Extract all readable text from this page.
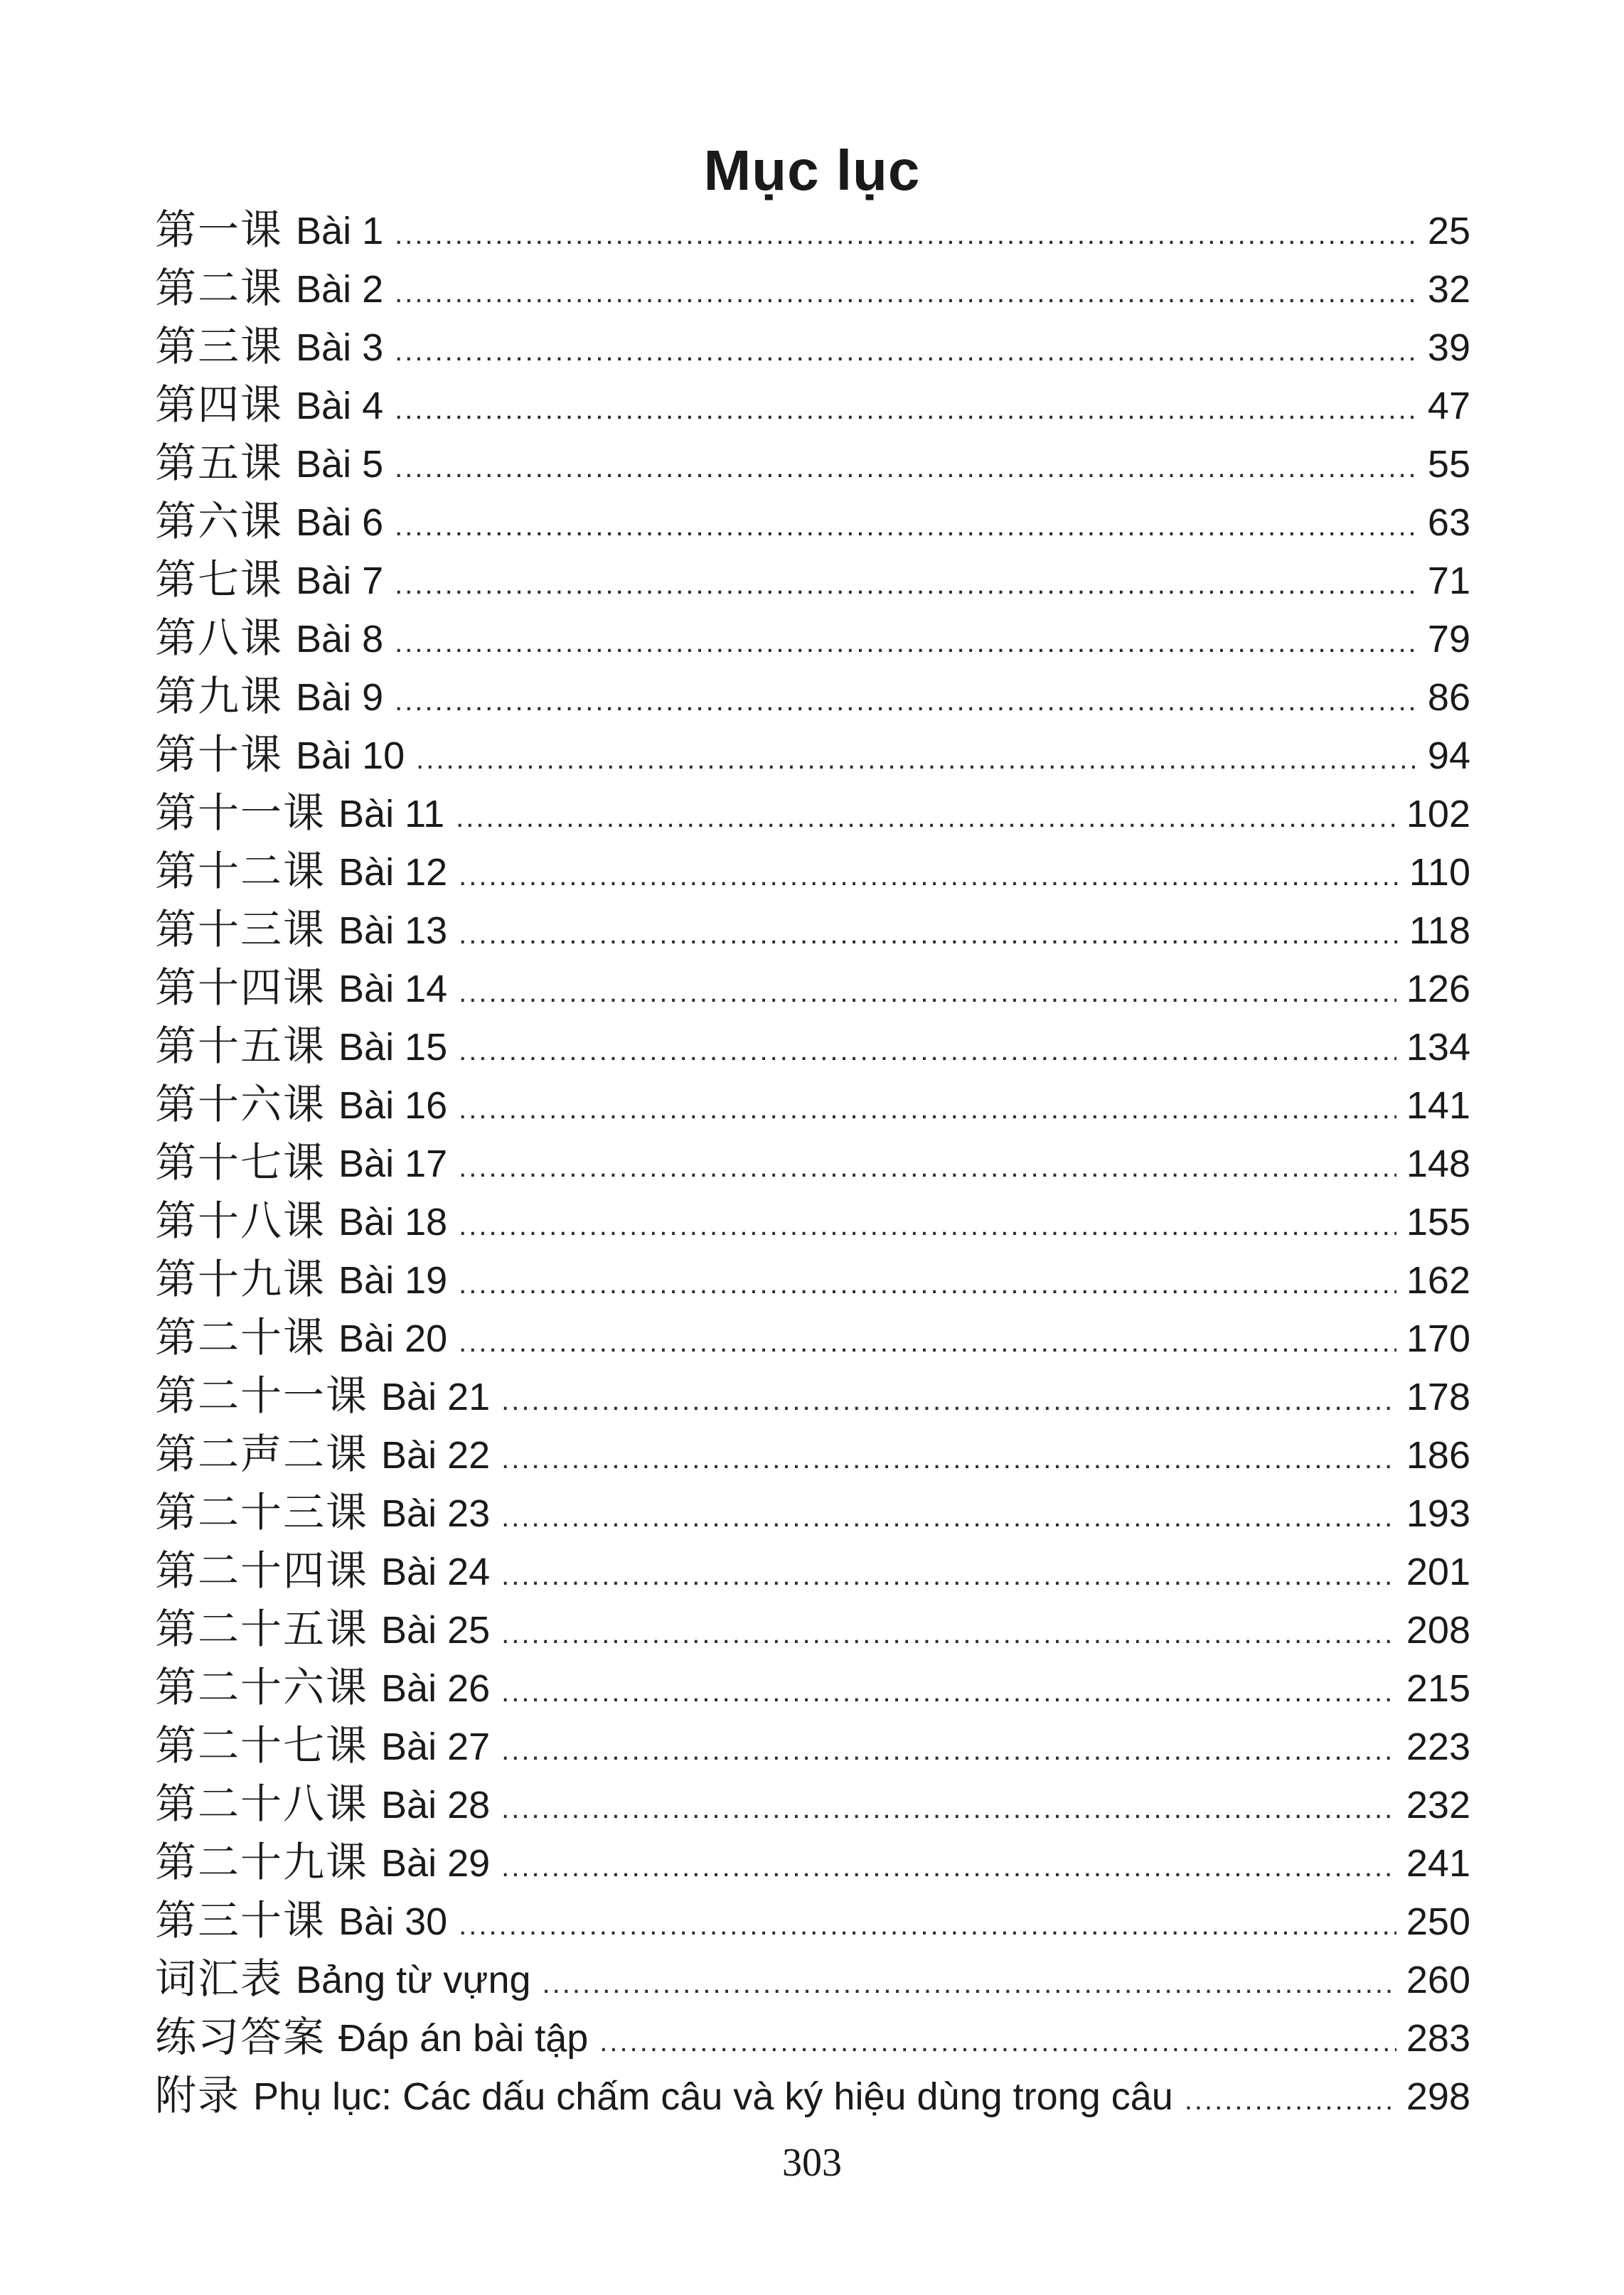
Mục lục
第一课 Bài 1 .....	25
第二课 Bài 2 .....	32
第三课 Bài 3 .....	39
第四课 Bài 4 .....	47
第五课 Bài 5 .....	55
第六课 Bài 6 .....	63
第七课 Bài 7 .....	71
第八课 Bài 8 .....	79
第九课 Bài 9 .....	86
第十课 Bài 10 .....	94
第十一课 Bài 11 .....	102
第十二课 Bài 12 .....	110
第十三课 Bài 13 .....	118
第十四课 Bài 14 .....	126
第十五课 Bài 15 .....	134
第十六课 Bài 16 .....	141
第十七课 Bài 17 .....	148
第十八课 Bài 18 .....	155
第十九课 Bài 19 .....	162
第二十课 Bài 20 .....	170
第二十一课 Bài 21 .....	178
第二声二课 Bài 22 .....	186
第二十三课 Bài 23 .....	193
第二十四课 Bài 24 .....	201
第二十五课 Bài 25 .....	208
第二十六课 Bài 26 .....	215
第二十七课 Bài 27 .....	223
第二十八课 Bài 28 .....	232
第二十九课 Bài 29 .....	241
第三十课 Bài 30 .....	250
词汇表 Bảng từ vựng .....	260
练习答案 Đáp án bài tập .....	283
附录 Phụ lục: Các dấu chấm câu và ký hiệu dùng trong câu .....	298
303
